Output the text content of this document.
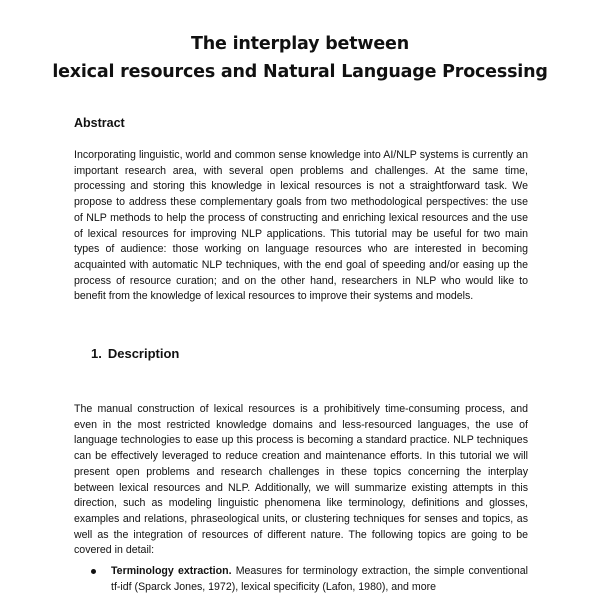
The interplay between
lexical resources and Natural Language Processing
Abstract

Incorporating linguistic, world and common sense knowledge into AI/NLP systems is currently an important research area, with several open problems and challenges. At the same time, processing and storing this knowledge in lexical resources is not a straightforward task. We propose to address these complementary goals from two methodological perspectives: the use of NLP methods to help the process of constructing and enriching lexical resources and the use of lexical resources for improving NLP applications. This tutorial may be useful for two main types of audience: those working on language resources who are interested in becoming acquainted with automatic NLP techniques, with the end goal of speeding and/or easing up the process of resource curation; and on the other hand, researchers in NLP who would like to benefit from the knowledge of lexical resources to improve their systems and models.

1. Description

The manual construction of lexical resources is a prohibitively time-consuming process, and even in the most restricted knowledge domains and less-resourced languages, the use of language technologies to ease up this process is becoming a standard practice. NLP techniques can be effectively leveraged to reduce creation and maintenance efforts. In this tutorial we will present open problems and research challenges in these topics concerning the interplay between lexical resources and NLP. Additionally, we will summarize existing attempts in this direction, such as modeling linguistic phenomena like terminology, definitions and glosses, examples and relations, phraseological units, or clustering techniques for senses and topics, as well as the integration of resources of different nature. The following topics are going to be covered in detail:

Terminology extraction. Measures for terminology extraction, the simple conventional tf-idf (Sparck Jones, 1972), lexical specificity (Lafon, 1980), and more
